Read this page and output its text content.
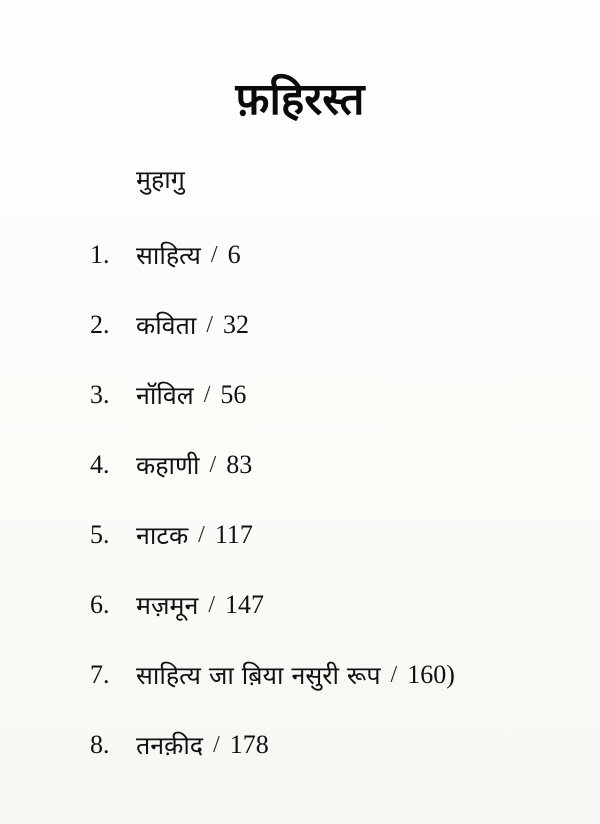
फ़हिरस्त
मुहागु
1.	साहित्य / 6
2.	कविता / 32
3.	नॉविल / 56
4.	कहाणी / 83
5.	नाटक / 117
6.	मज़मून / 147
7.	साहित्य जा ब़िया नसुरी रूप / 160 )
8.	तनक़ीद / 178
